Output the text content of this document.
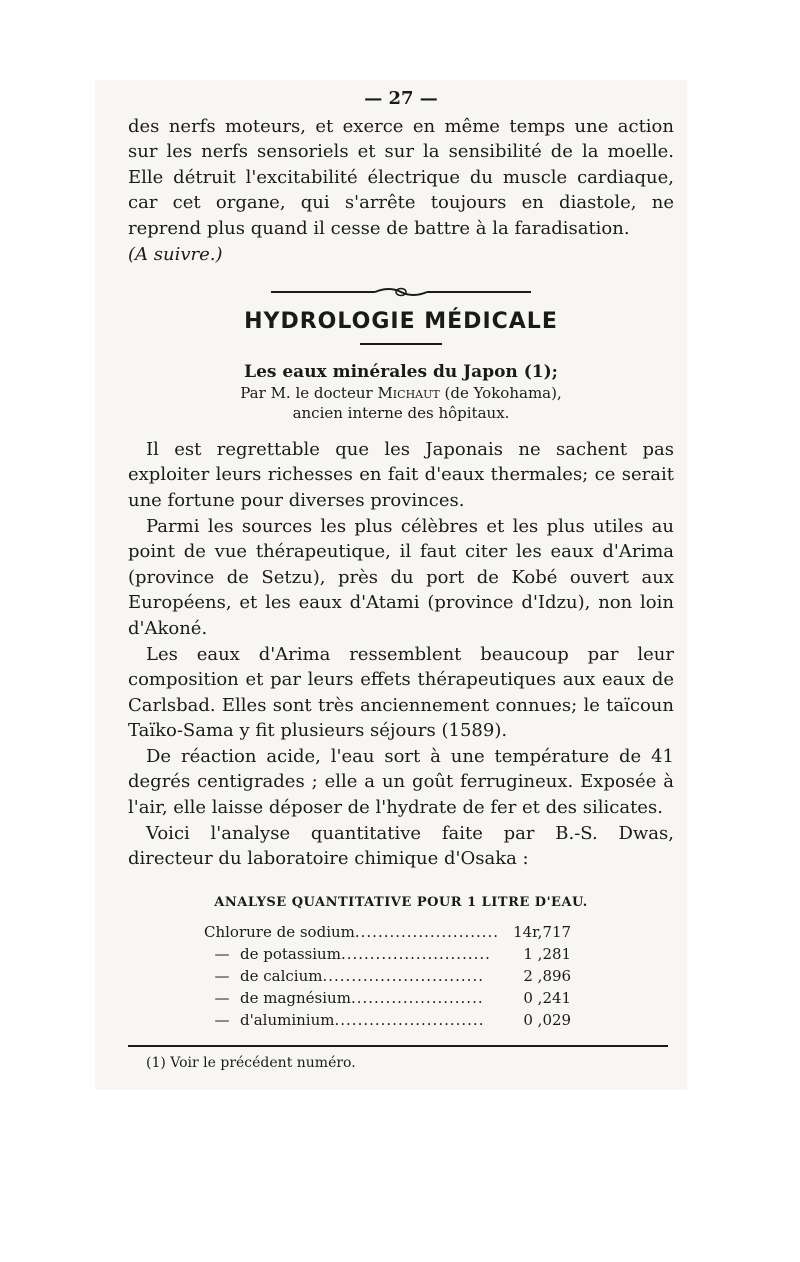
— 27 —

des nerfs moteurs, et exerce en même temps une action sur les nerfs sensoriels et sur la sensibilité de la moelle. Elle détruit l'excitabilité électrique du muscle cardiaque, car cet organe, qui s'arrête toujours en diastole, ne reprend plus quand il cesse de battre à la faradisation.

(A suivre.)

HYDROLOGIE MÉDICALE
Les eaux minérales du Japon (1);
Par M. le docteur Michaut (de Yokohama),
ancien interne des hôpitaux.

Il est regrettable que les Japonais ne sachent pas exploiter leurs richesses en fait d'eaux thermales; ce serait une fortune pour diverses provinces.

Parmi les sources les plus célèbres et les plus utiles au point de vue thérapeutique, il faut citer les eaux d'Arima (province de Setzu), près du port de Kobé ouvert aux Européens, et les eaux d'Atami (province d'Idzu), non loin d'Akoné.

Les eaux d'Arima ressemblent beaucoup par leur composition et par leurs effets thérapeutiques aux eaux de Carlsbad. Elles sont très anciennement connues; le taïcoun Taïko-Sama y fit plusieurs séjours (1589).

De réaction acide, l'eau sort à une température de 41 degrés centigrades ; elle a un goût ferrugineux. Exposée à l'air, elle laisse déposer de l'hydrate de fer et des silicates.

Voici l'analyse quantitative faite par B.-S. Dwas, directeur du laboratoire chimique d'Osaka :

ANALYSE QUANTITATIVE POUR 1 LITRE D'EAU.
Chlorure de sodium.........................	14r,717
— de potassium..........................	1 ,281
— de calcium............................	2 ,896
— de magnésium.......................	0 ,241
— d'aluminium..........................	0 ,029
(1) Voir le précédent numéro.
